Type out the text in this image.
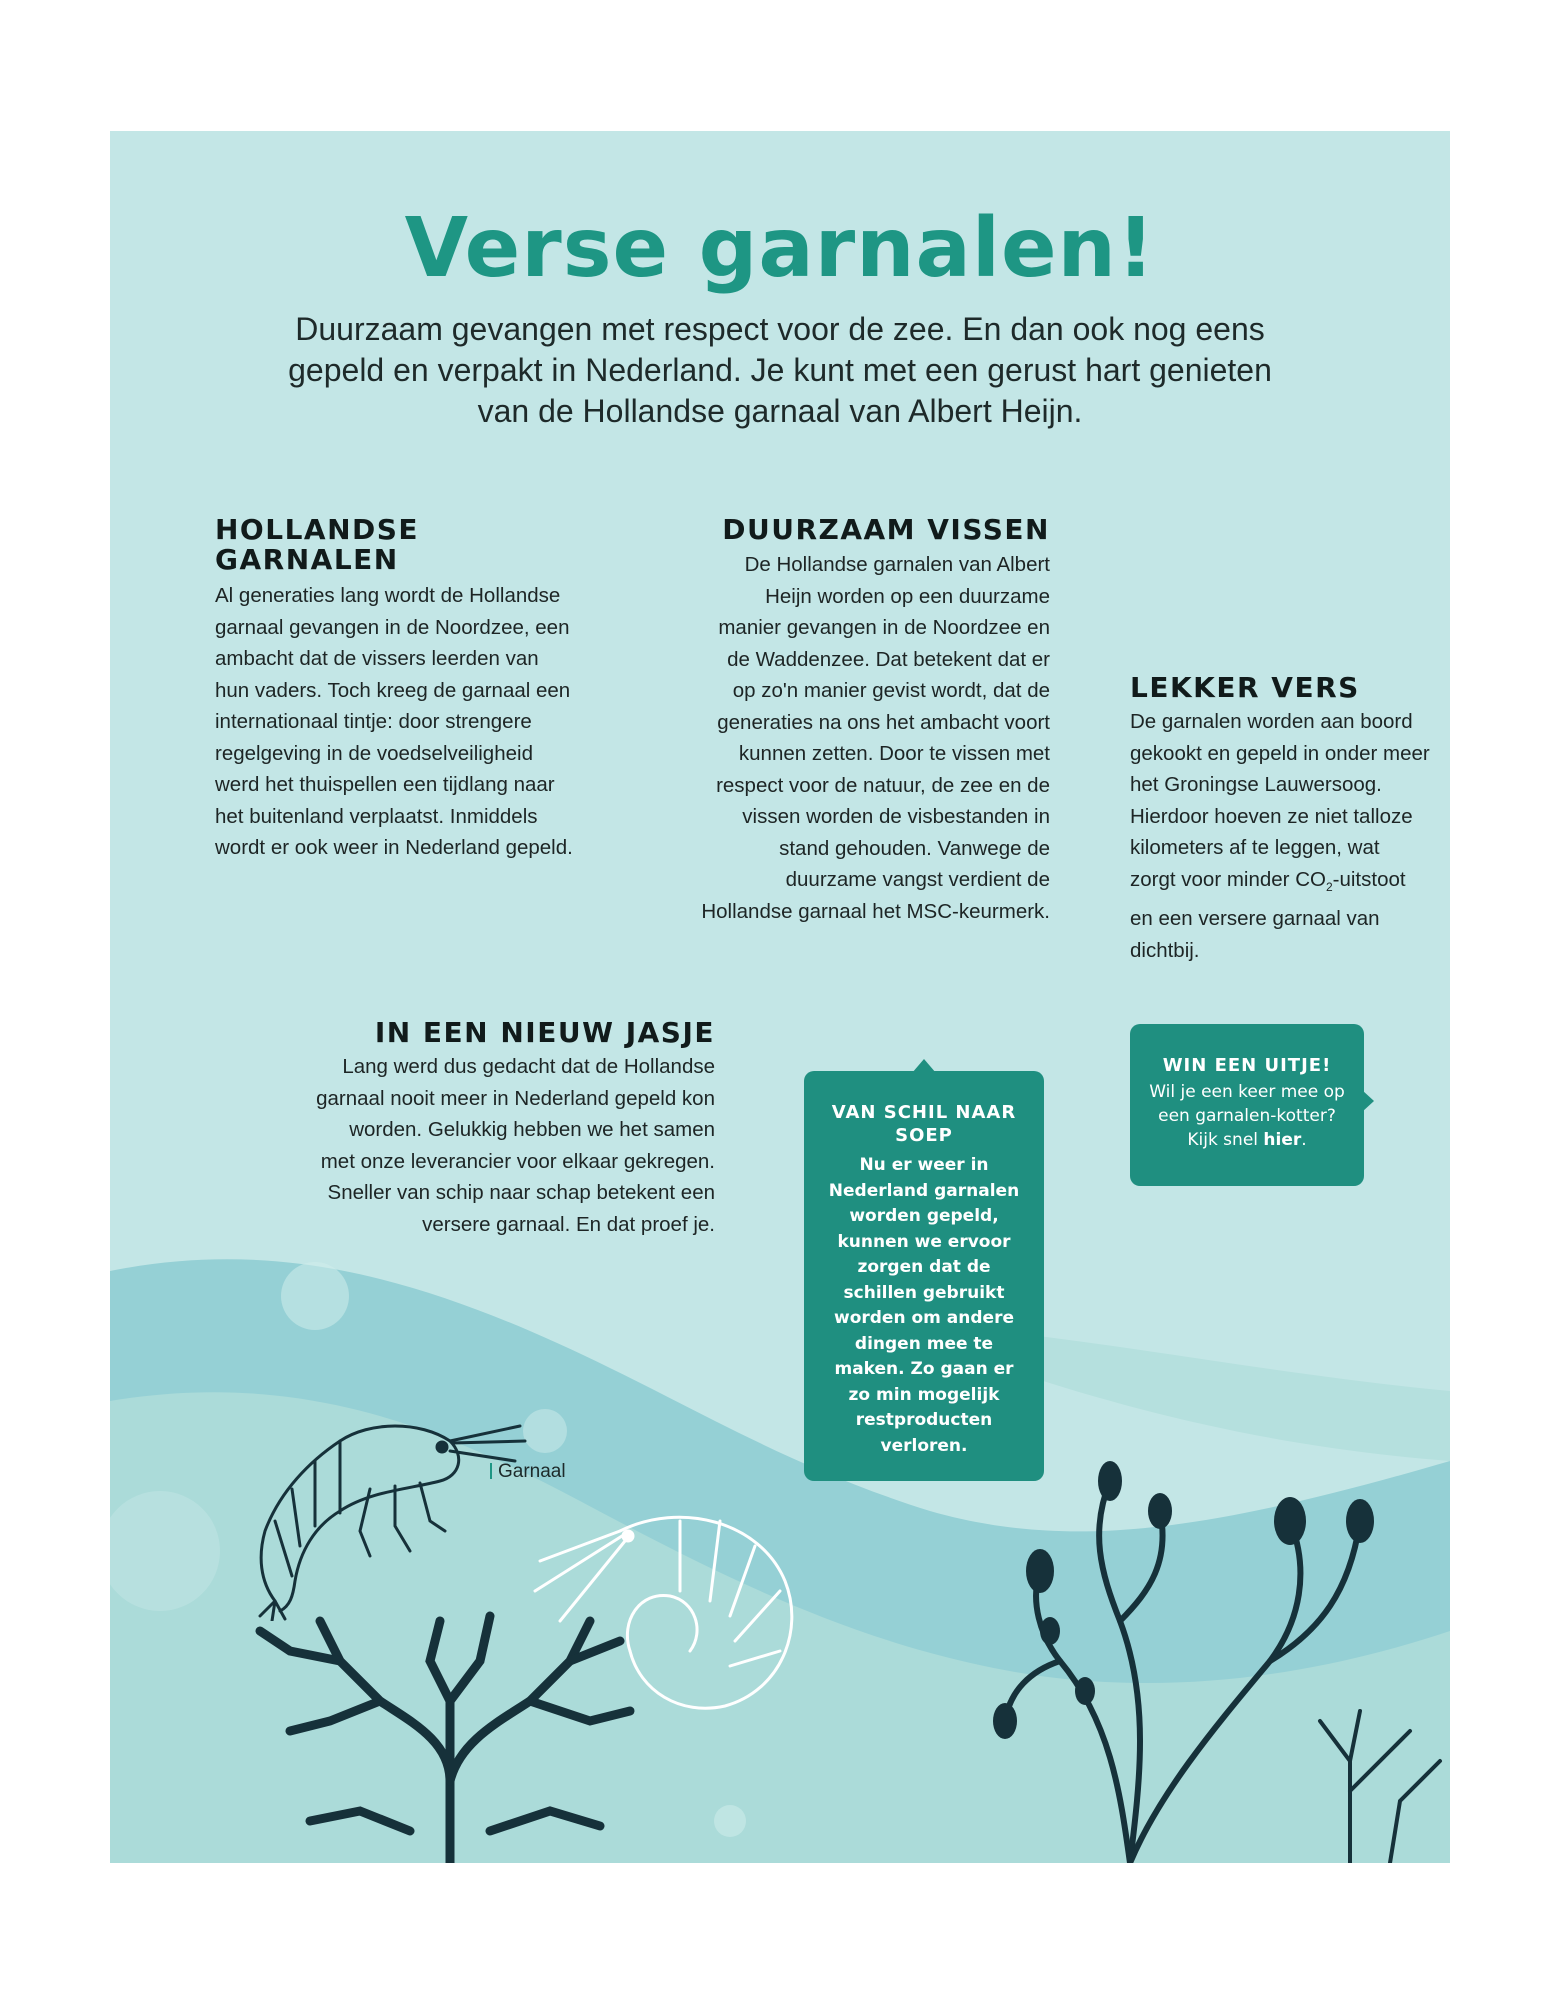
Verse garnalen!
Duurzaam gevangen met respect voor de zee. En dan ook nog eens gepeld en verpakt in Nederland. Je kunt met een gerust hart genieten van de Hollandse garnaal van Albert Heijn.
HOLLANDSE GARNALEN
Al generaties lang wordt de Hollandse garnaal gevangen in de Noordzee, een ambacht dat de vissers leerden van hun vaders. Toch kreeg de garnaal een internationaal tintje: door strengere regelgeving in de voedselveiligheid werd het thuispellen een tijdlang naar het buitenland verplaatst. Inmiddels wordt er ook weer in Nederland gepeld.
DUURZAAM VISSEN
De Hollandse garnalen van Albert Heijn worden op een duurzame manier gevangen in de Noordzee en de Waddenzee. Dat betekent dat er op zo'n manier gevist wordt, dat de generaties na ons het ambacht voort kunnen zetten. Door te vissen met respect voor de natuur, de zee en de vissen worden de visbestanden in stand gehouden. Vanwege de duurzame vangst verdient de Hollandse garnaal het MSC-keurmerk.
LEKKER VERS
De garnalen worden aan boord gekookt en gepeld in onder meer het Groningse Lauwersoog. Hierdoor hoeven ze niet talloze kilometers af te leggen, wat zorgt voor minder $CO_2$-uitstoot en een versere garnaal van dichtbij.
IN EEN NIEUW JASJE
Lang werd dus gedacht dat de Hollandse garnaal nooit meer in Nederland gepeld kon worden. Gelukkig hebben we het samen met onze leverancier voor elkaar gekregen. Sneller van schip naar schap betekent een versere garnaal. En dat proef je.
VAN SCHIL NAAR SOEP
Nu er weer in Nederland garnalen worden gepeld, kunnen we ervoor zorgen dat de schillen gebruikt worden om andere dingen mee te maken. Zo gaan er zo min mogelijk restproducten verloren.
WIN EEN UITJE!
Wil je een keer mee op een garnalen-kotter? Kijk snel hier.
Garnaal
